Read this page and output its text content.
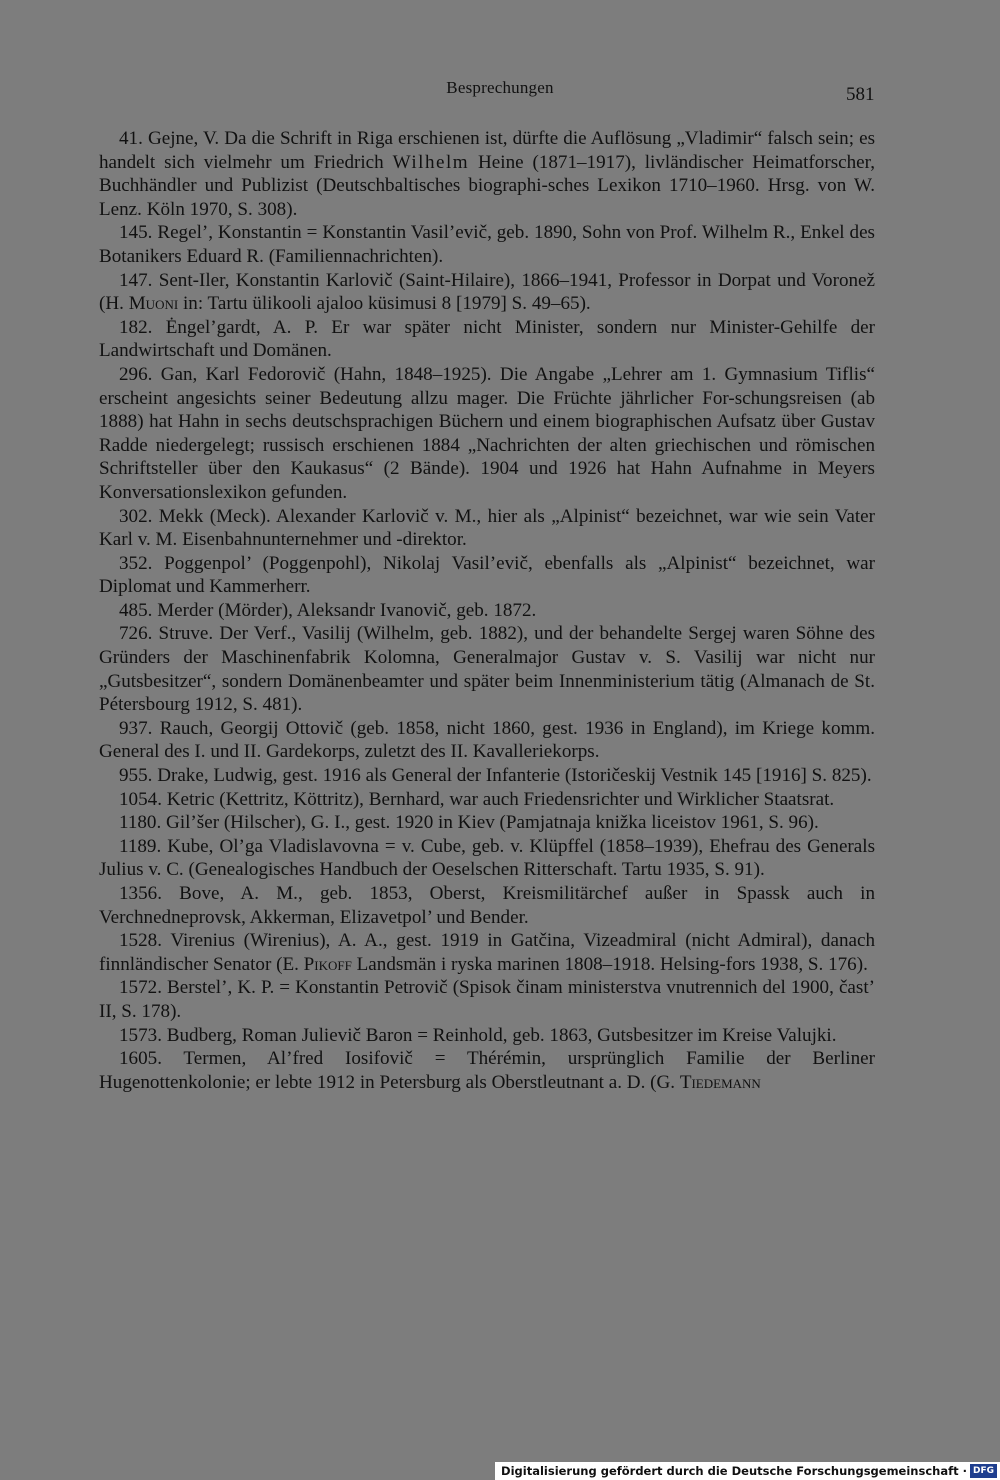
Besprechungen	581

41. Gejne, V. Da die Schrift in Riga erschienen ist, dürfte die Auflösung „Vladimir“ falsch sein; es handelt sich vielmehr um Friedrich Wilhelm Heine (1871–1917), livländischer Heimatforscher, Buchhändler und Publizist (Deutschbaltisches biographi-sches Lexikon 1710–1960. Hrsg. von W. Lenz. Köln 1970, S. 308).

145. Regel’, Konstantin = Konstantin Vasil’evič, geb. 1890, Sohn von Prof. Wilhelm R., Enkel des Botanikers Eduard R. (Familiennachrichten).

147. Sent-Iler, Konstantin Karlovič (Saint-Hilaire), 1866–1941, Professor in Dorpat und Voronež (H. Muoni in: Tartu ülikooli ajaloo küsimusi 8 [1979] S. 49–65).

182. Ėngel’gardt, A. P. Er war später nicht Minister, sondern nur Minister-Gehilfe der Landwirtschaft und Domänen.

296. Gan, Karl Fedorovič (Hahn, 1848–1925). Die Angabe „Lehrer am 1. Gymnasium Tiflis“ erscheint angesichts seiner Bedeutung allzu mager. Die Früchte jährlicher For-schungsreisen (ab 1888) hat Hahn in sechs deutschsprachigen Büchern und einem biographischen Aufsatz über Gustav Radde niedergelegt; russisch erschienen 1884 „Nachrichten der alten griechischen und römischen Schriftsteller über den Kaukasus“ (2 Bände). 1904 und 1926 hat Hahn Aufnahme in Meyers Konversationslexikon gefunden.

302. Mekk (Meck). Alexander Karlovič v. M., hier als „Alpinist“ bezeichnet, war wie sein Vater Karl v. M. Eisenbahnunternehmer und -direktor.

352. Poggenpol’ (Poggenpohl), Nikolaj Vasil’evič, ebenfalls als „Alpinist“ bezeichnet, war Diplomat und Kammerherr.

485. Merder (Mörder), Aleksandr Ivanovič, geb. 1872.

726. Struve. Der Verf., Vasilij (Wilhelm, geb. 1882), und der behandelte Sergej waren Söhne des Gründers der Maschinenfabrik Kolomna, Generalmajor Gustav v. S. Vasilij war nicht nur „Gutsbesitzer“, sondern Domänenbeamter und später beim Innenministerium tätig (Almanach de St. Pétersbourg 1912, S. 481).

937. Rauch, Georgij Ottovič (geb. 1858, nicht 1860, gest. 1936 in England), im Kriege komm. General des I. und II. Gardekorps, zuletzt des II. Kavalleriekorps.

955. Drake, Ludwig, gest. 1916 als General der Infanterie (Istoričeskij Vestnik 145 [1916] S. 825).

1054. Ketric (Kettritz, Köttritz), Bernhard, war auch Friedensrichter und Wirklicher Staatsrat.

1180. Gil’šer (Hilscher), G. I., gest. 1920 in Kiev (Pamjatnaja knižka liceistov 1961, S. 96).

1189. Kube, Ol’ga Vladislavovna = v. Cube, geb. v. Klüpffel (1858–1939), Ehefrau des Generals Julius v. C. (Genealogisches Handbuch der Oeselschen Ritterschaft. Tartu 1935, S. 91).

1356. Bove, A. M., geb. 1853, Oberst, Kreismilitärchef außer in Spassk auch in Verchnedneprovsk, Akkerman, Elizavetpol’ und Bender.

1528. Virenius (Wirenius), A. A., gest. 1919 in Gatčina, Vizeadmiral (nicht Admiral), danach finnländischer Senator (E. Pikoff Landsmän i ryska marinen 1808–1918. Helsing-fors 1938, S. 176).

1572. Berstel’, K. P. = Konstantin Petrovič (Spisok činam ministerstva vnutrennich del 1900, čast’ II, S. 178).

1573. Budberg, Roman Julievič Baron = Reinhold, geb. 1863, Gutsbesitzer im Kreise Valujki.

1605. Termen, Al’fred Iosifovič = Thérémin, ursprünglich Familie der Berliner Hugenottenkolonie; er lebte 1912 in Petersburg als Oberstleutnant a. D. (G. Tiedemann

Digitalisierung gefördert durch die Deutsche Forschungsgemeinschaft · DFG
